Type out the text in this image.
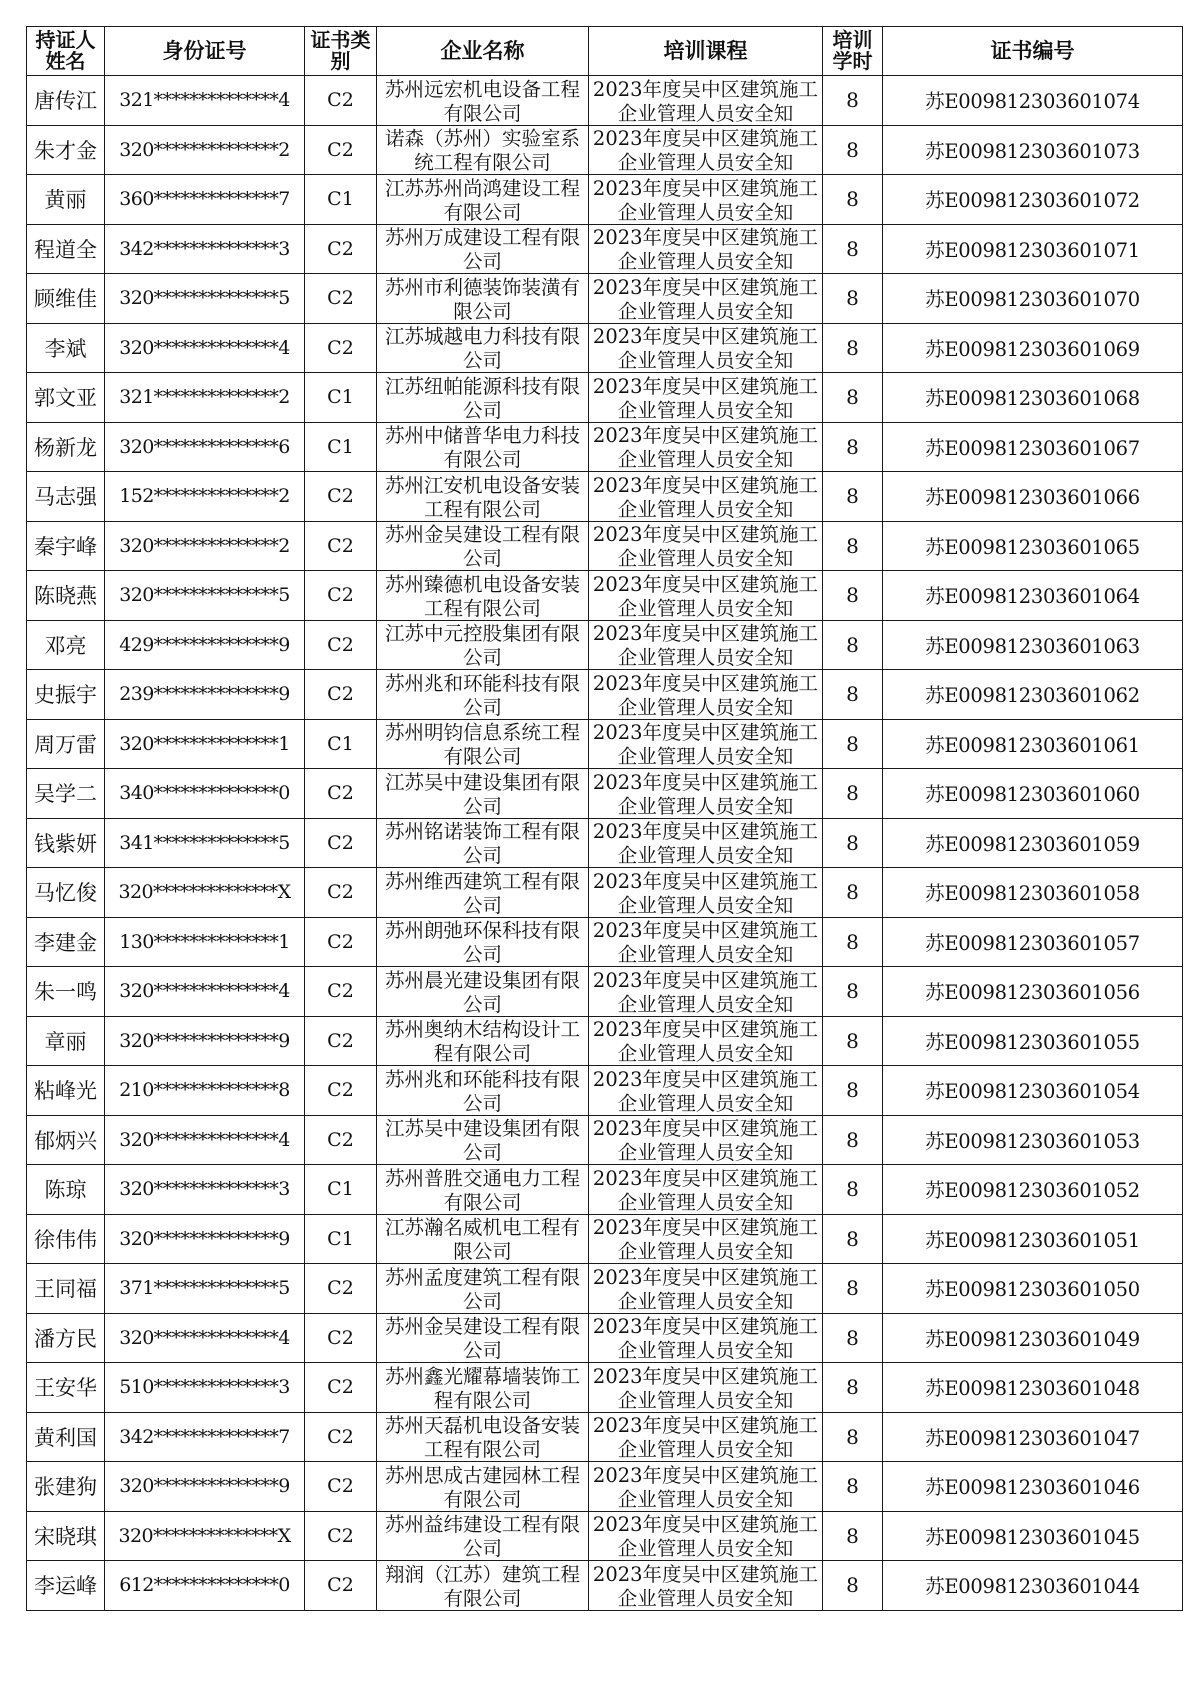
持证人姓名	身份证号	证书类别	企业名称	培训课程	培训学时	证书编号
唐传江	321**************4	C2	苏州远宏机电设备工程有限公司	2023年度吴中区建筑施工企业管理人员安全知	8	苏E009812303601074
朱才金	320**************2	C2	诺森（苏州）实验室系统工程有限公司	2023年度吴中区建筑施工企业管理人员安全知	8	苏E009812303601073
黄丽	360**************7	C1	江苏苏州尚鸿建设工程有限公司	2023年度吴中区建筑施工企业管理人员安全知	8	苏E009812303601072
程道全	342**************3	C2	苏州万成建设工程有限公司	2023年度吴中区建筑施工企业管理人员安全知	8	苏E009812303601071
顾维佳	320**************5	C2	苏州市利德装饰装潢有限公司	2023年度吴中区建筑施工企业管理人员安全知	8	苏E009812303601070
李斌	320**************4	C2	江苏城越电力科技有限公司	2023年度吴中区建筑施工企业管理人员安全知	8	苏E009812303601069
郭文亚	321**************2	C1	江苏纽帕能源科技有限公司	2023年度吴中区建筑施工企业管理人员安全知	8	苏E009812303601068
杨新龙	320**************6	C1	苏州中储普华电力科技有限公司	2023年度吴中区建筑施工企业管理人员安全知	8	苏E009812303601067
马志强	152**************2	C2	苏州江安机电设备安装工程有限公司	2023年度吴中区建筑施工企业管理人员安全知	8	苏E009812303601066
秦宇峰	320**************2	C2	苏州金吴建设工程有限公司	2023年度吴中区建筑施工企业管理人员安全知	8	苏E009812303601065
陈晓燕	320**************5	C2	苏州臻德机电设备安装工程有限公司	2023年度吴中区建筑施工企业管理人员安全知	8	苏E009812303601064
邓亮	429**************9	C2	江苏中元控股集团有限公司	2023年度吴中区建筑施工企业管理人员安全知	8	苏E009812303601063
史振宇	239**************9	C2	苏州兆和环能科技有限公司	2023年度吴中区建筑施工企业管理人员安全知	8	苏E009812303601062
周万雷	320**************1	C1	苏州明钧信息系统工程有限公司	2023年度吴中区建筑施工企业管理人员安全知	8	苏E009812303601061
吴学二	340**************0	C2	江苏吴中建设集团有限公司	2023年度吴中区建筑施工企业管理人员安全知	8	苏E009812303601060
钱紫妍	341**************5	C2	苏州铭诺装饰工程有限公司	2023年度吴中区建筑施工企业管理人员安全知	8	苏E009812303601059
马忆俊	320**************X	C2	苏州维西建筑工程有限公司	2023年度吴中区建筑施工企业管理人员安全知	8	苏E009812303601058
李建金	130**************1	C2	苏州朗弛环保科技有限公司	2023年度吴中区建筑施工企业管理人员安全知	8	苏E009812303601057
朱一鸣	320**************4	C2	苏州晨光建设集团有限公司	2023年度吴中区建筑施工企业管理人员安全知	8	苏E009812303601056
章丽	320**************9	C2	苏州奥纳木结构设计工程有限公司	2023年度吴中区建筑施工企业管理人员安全知	8	苏E009812303601055
粘峰光	210**************8	C2	苏州兆和环能科技有限公司	2023年度吴中区建筑施工企业管理人员安全知	8	苏E009812303601054
郁炳兴	320**************4	C2	江苏吴中建设集团有限公司	2023年度吴中区建筑施工企业管理人员安全知	8	苏E009812303601053
陈琼	320**************3	C1	苏州普胜交通电力工程有限公司	2023年度吴中区建筑施工企业管理人员安全知	8	苏E009812303601052
徐伟伟	320**************9	C1	江苏瀚名威机电工程有限公司	2023年度吴中区建筑施工企业管理人员安全知	8	苏E009812303601051
王同福	371**************5	C2	苏州孟度建筑工程有限公司	2023年度吴中区建筑施工企业管理人员安全知	8	苏E009812303601050
潘方民	320**************4	C2	苏州金吴建设工程有限公司	2023年度吴中区建筑施工企业管理人员安全知	8	苏E009812303601049
王安华	510**************3	C2	苏州鑫光耀幕墙装饰工程有限公司	2023年度吴中区建筑施工企业管理人员安全知	8	苏E009812303601048
黄利国	342**************7	C2	苏州天磊机电设备安装工程有限公司	2023年度吴中区建筑施工企业管理人员安全知	8	苏E009812303601047
张建狗	320**************9	C2	苏州思成古建园林工程有限公司	2023年度吴中区建筑施工企业管理人员安全知	8	苏E009812303601046
宋晓琪	320**************X	C2	苏州益纬建设工程有限公司	2023年度吴中区建筑施工企业管理人员安全知	8	苏E009812303601045
李运峰	612**************0	C2	翔润（江苏）建筑工程有限公司	2023年度吴中区建筑施工企业管理人员安全知	8	苏E009812303601044
